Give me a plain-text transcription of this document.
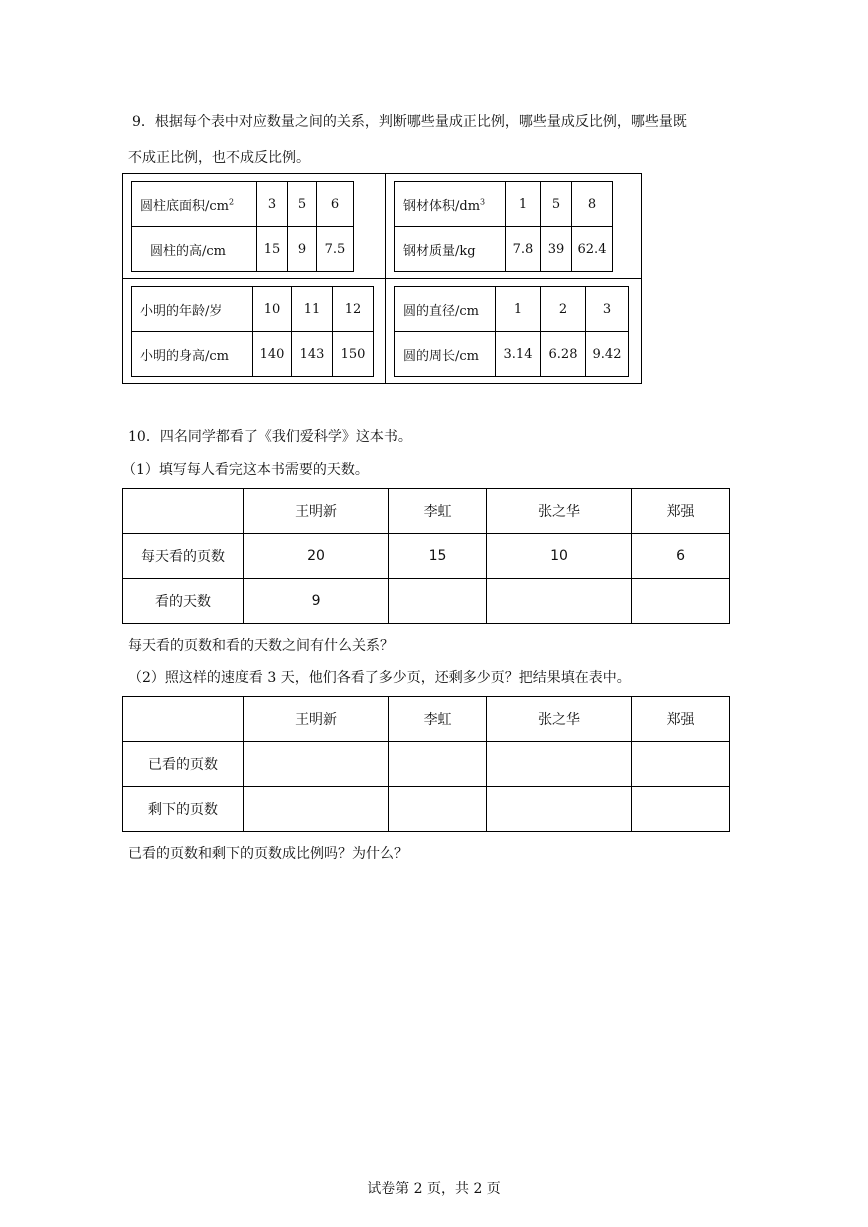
9．根据每个表中对应数量之间的关系，判断哪些量成正比例，哪些量成反比例，哪些量既
不成正比例，也不成反比例。
圆柱底面积$/cm^2$	3	5	6
圆柱的高/cm	15	9	7.5
钢材体积$/dm^3$	1	5	8
钢材质量/kg	7.8	39	62.4
小明的年龄/岁	10	11	12
小明的身高/cm	140	143	150
圆的直径/cm	1	2	3
圆的周长/cm	3.14	6.28	9.42
10．四名同学都看了《我们爱科学》这本书。
（1）填写每人看完这本书需要的天数。
	王明新	李虹	张之华	郑强
每天看的页数	20	15	10	6
看的天数	9			
每天看的页数和看的天数之间有什么关系？
（2）照这样的速度看 3 天，他们各看了多少页，还剩多少页？把结果填在表中。
	王明新	李虹	张之华	郑强
已看的页数				
剩下的页数				
已看的页数和剩下的页数成比例吗？为什么？
试卷第 2 页，共 2 页
